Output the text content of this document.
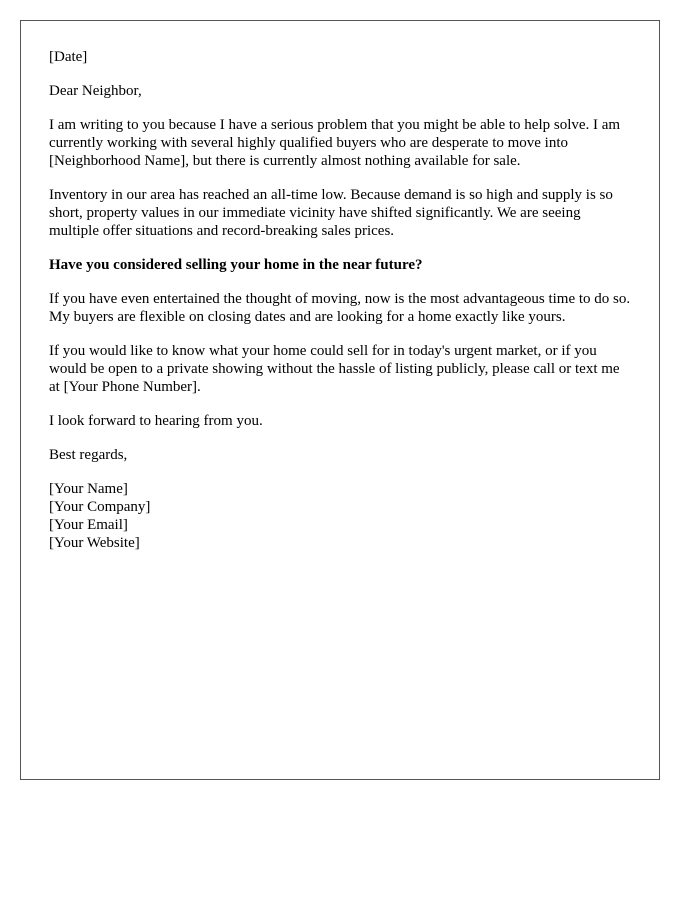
[Date]

Dear Neighbor,

I am writing to you because I have a serious problem that you might be able to help solve. I am currently working with several highly qualified buyers who are desperate to move into [Neighborhood Name], but there is currently almost nothing available for sale.

Inventory in our area has reached an all-time low. Because demand is so high and supply is so short, property values in our immediate vicinity have shifted significantly. We are seeing multiple offer situations and record-breaking sales prices.

Have you considered selling your home in the near future?

If you have even entertained the thought of moving, now is the most advantageous time to do so. My buyers are flexible on closing dates and are looking for a home exactly like yours.

If you would like to know what your home could sell for in today's urgent market, or if you would be open to a private showing without the hassle of listing publicly, please call or text me at [Your Phone Number].

I look forward to hearing from you.

Best regards,

[Your Name]
[Your Company]
[Your Email]
[Your Website]
